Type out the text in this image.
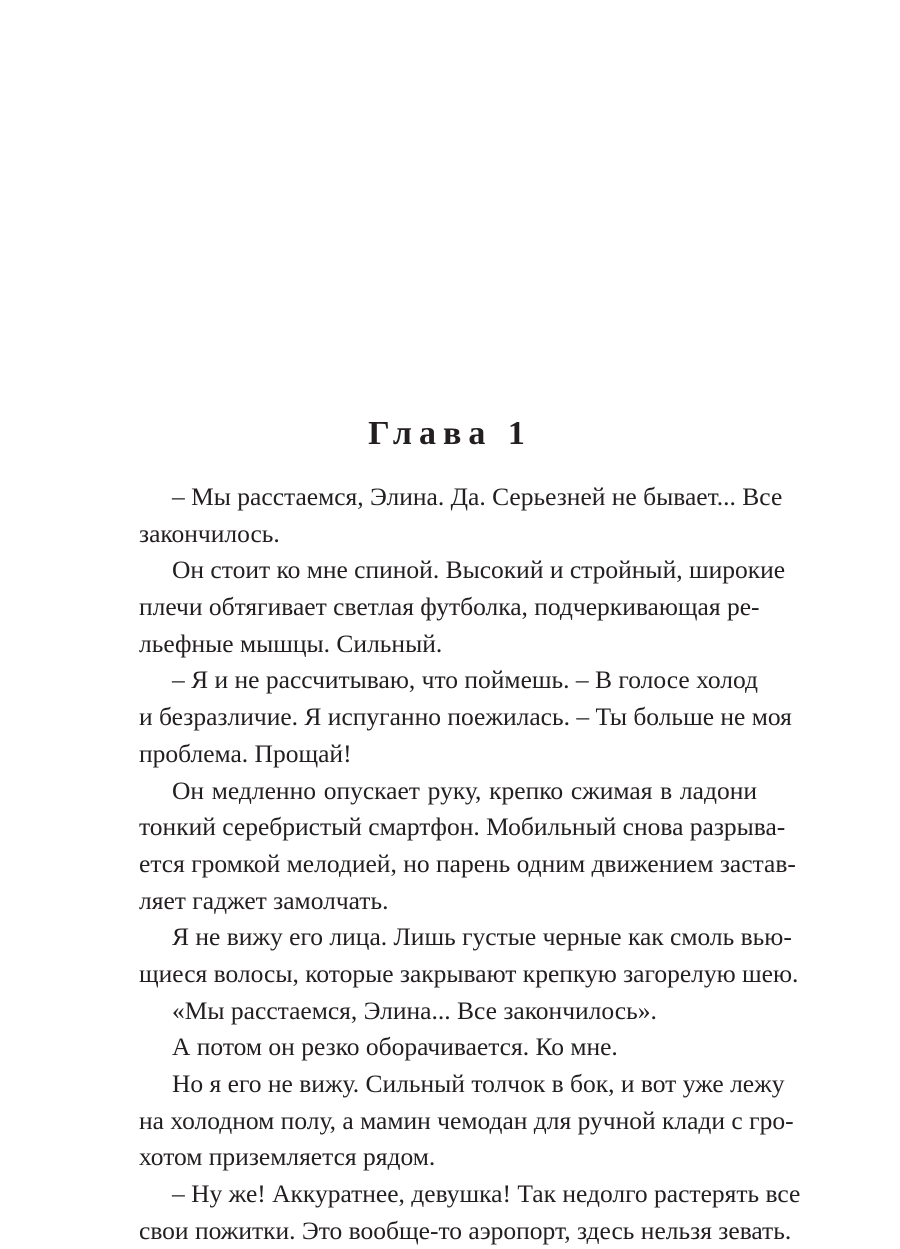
Глава 1
– Мы расстаемся, Элина. Да. Серьезней не бывает... Все
закончилось.
Он стоит ко мне спиной. Высокий и стройный, широкие
плечи обтягивает светлая футболка, подчеркивающая ре-
льефные мышцы. Сильный.
– Я и не рассчитываю, что поймешь. – В голосе холод
и безразличие. Я испуганно поежилась. – Ты больше не моя
проблема. Прощай!
Он медленно опускает руку, крепко сжимая в ладони
тонкий серебристый смартфон. Мобильный снова разрыва-
ется громкой мелодией, но парень одним движением застав-
ляет гаджет замолчать.
Я не вижу его лица. Лишь густые черные как смоль вью-
щиеся волосы, которые закрывают крепкую загорелую шею.
«Мы расстаемся, Элина... Все закончилось».
А потом он резко оборачивается. Ко мне.
Но я его не вижу. Сильный толчок в бок, и вот уже лежу
на холодном полу, а мамин чемодан для ручной клади с гро-
хотом приземляется рядом.
– Ну же! Аккуратнее, девушка! Так недолго растерять все
свои пожитки. Это вообще-то аэропорт, здесь нельзя зевать.
